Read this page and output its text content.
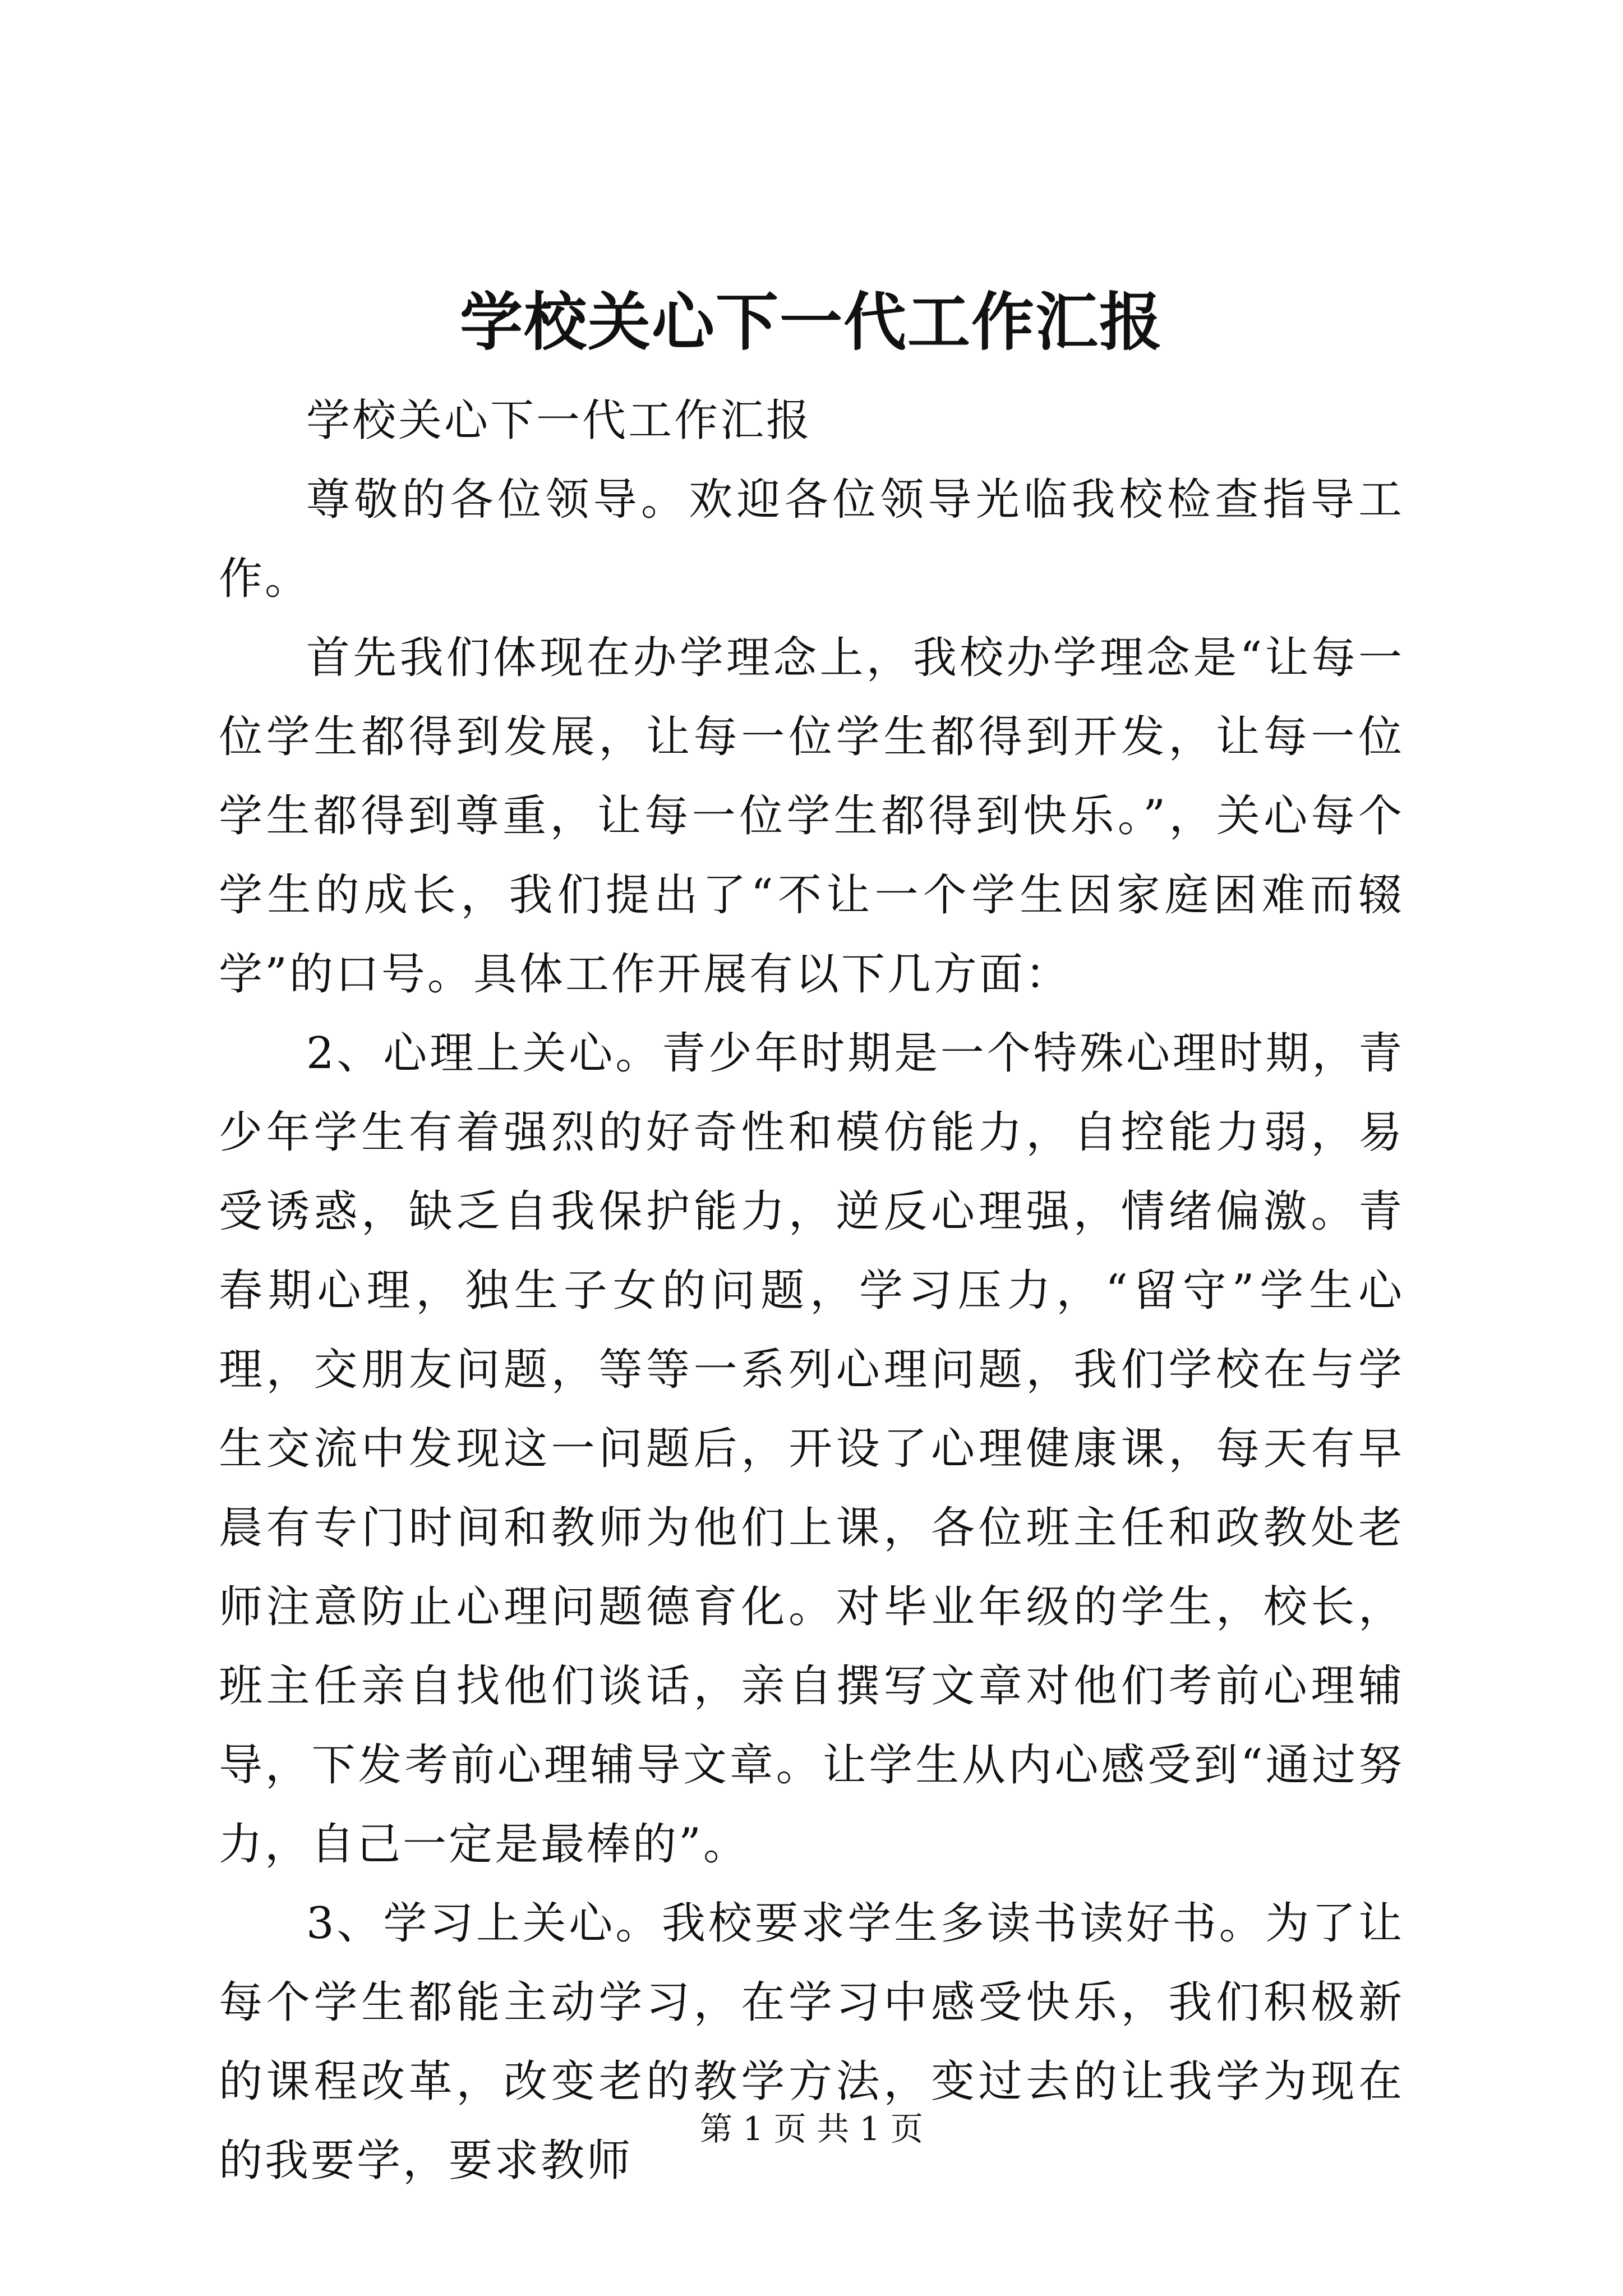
学校关心下一代工作汇报

学校关心下一代工作汇报

尊敬的各位领导。欢迎各位领导光临我校检查指导工作。

首先我们体现在办学理念上，我校办学理念是“让每一位学生都得到发展，让每一位学生都得到开发，让每一位学生都得到尊重，让每一位学生都得到快乐。”，关心每个学生的成长，我们提出了“不让一个学生因家庭困难而辍学”的口号。具体工作开展有以下几方面：

2、心理上关心。青少年时期是一个特殊心理时期，青少年学生有着强烈的好奇性和模仿能力，自控能力弱，易受诱惑，缺乏自我保护能力，逆反心理强，情绪偏激。青春期心理，独生子女的问题，学习压力，“留守”学生心理，交朋友问题，等等一系列心理问题，我们学校在与学生交流中发现这一问题后，开设了心理健康课，每天有早晨有专门时间和教师为他们上课，各位班主任和政教处老师注意防止心理问题德育化。对毕业年级的学生，校长，班主任亲自找他们谈话，亲自撰写文章对他们考前心理辅导，下发考前心理辅导文章。让学生从内心感受到“通过努力，自己一定是最棒的”。

3、学习上关心。我校要求学生多读书读好书。为了让每个学生都能主动学习，在学习中感受快乐，我们积极新的课程改革，改变老的教学方法，变过去的让我学为现在的我要学，要求教师

第 1 页 共 1 页
